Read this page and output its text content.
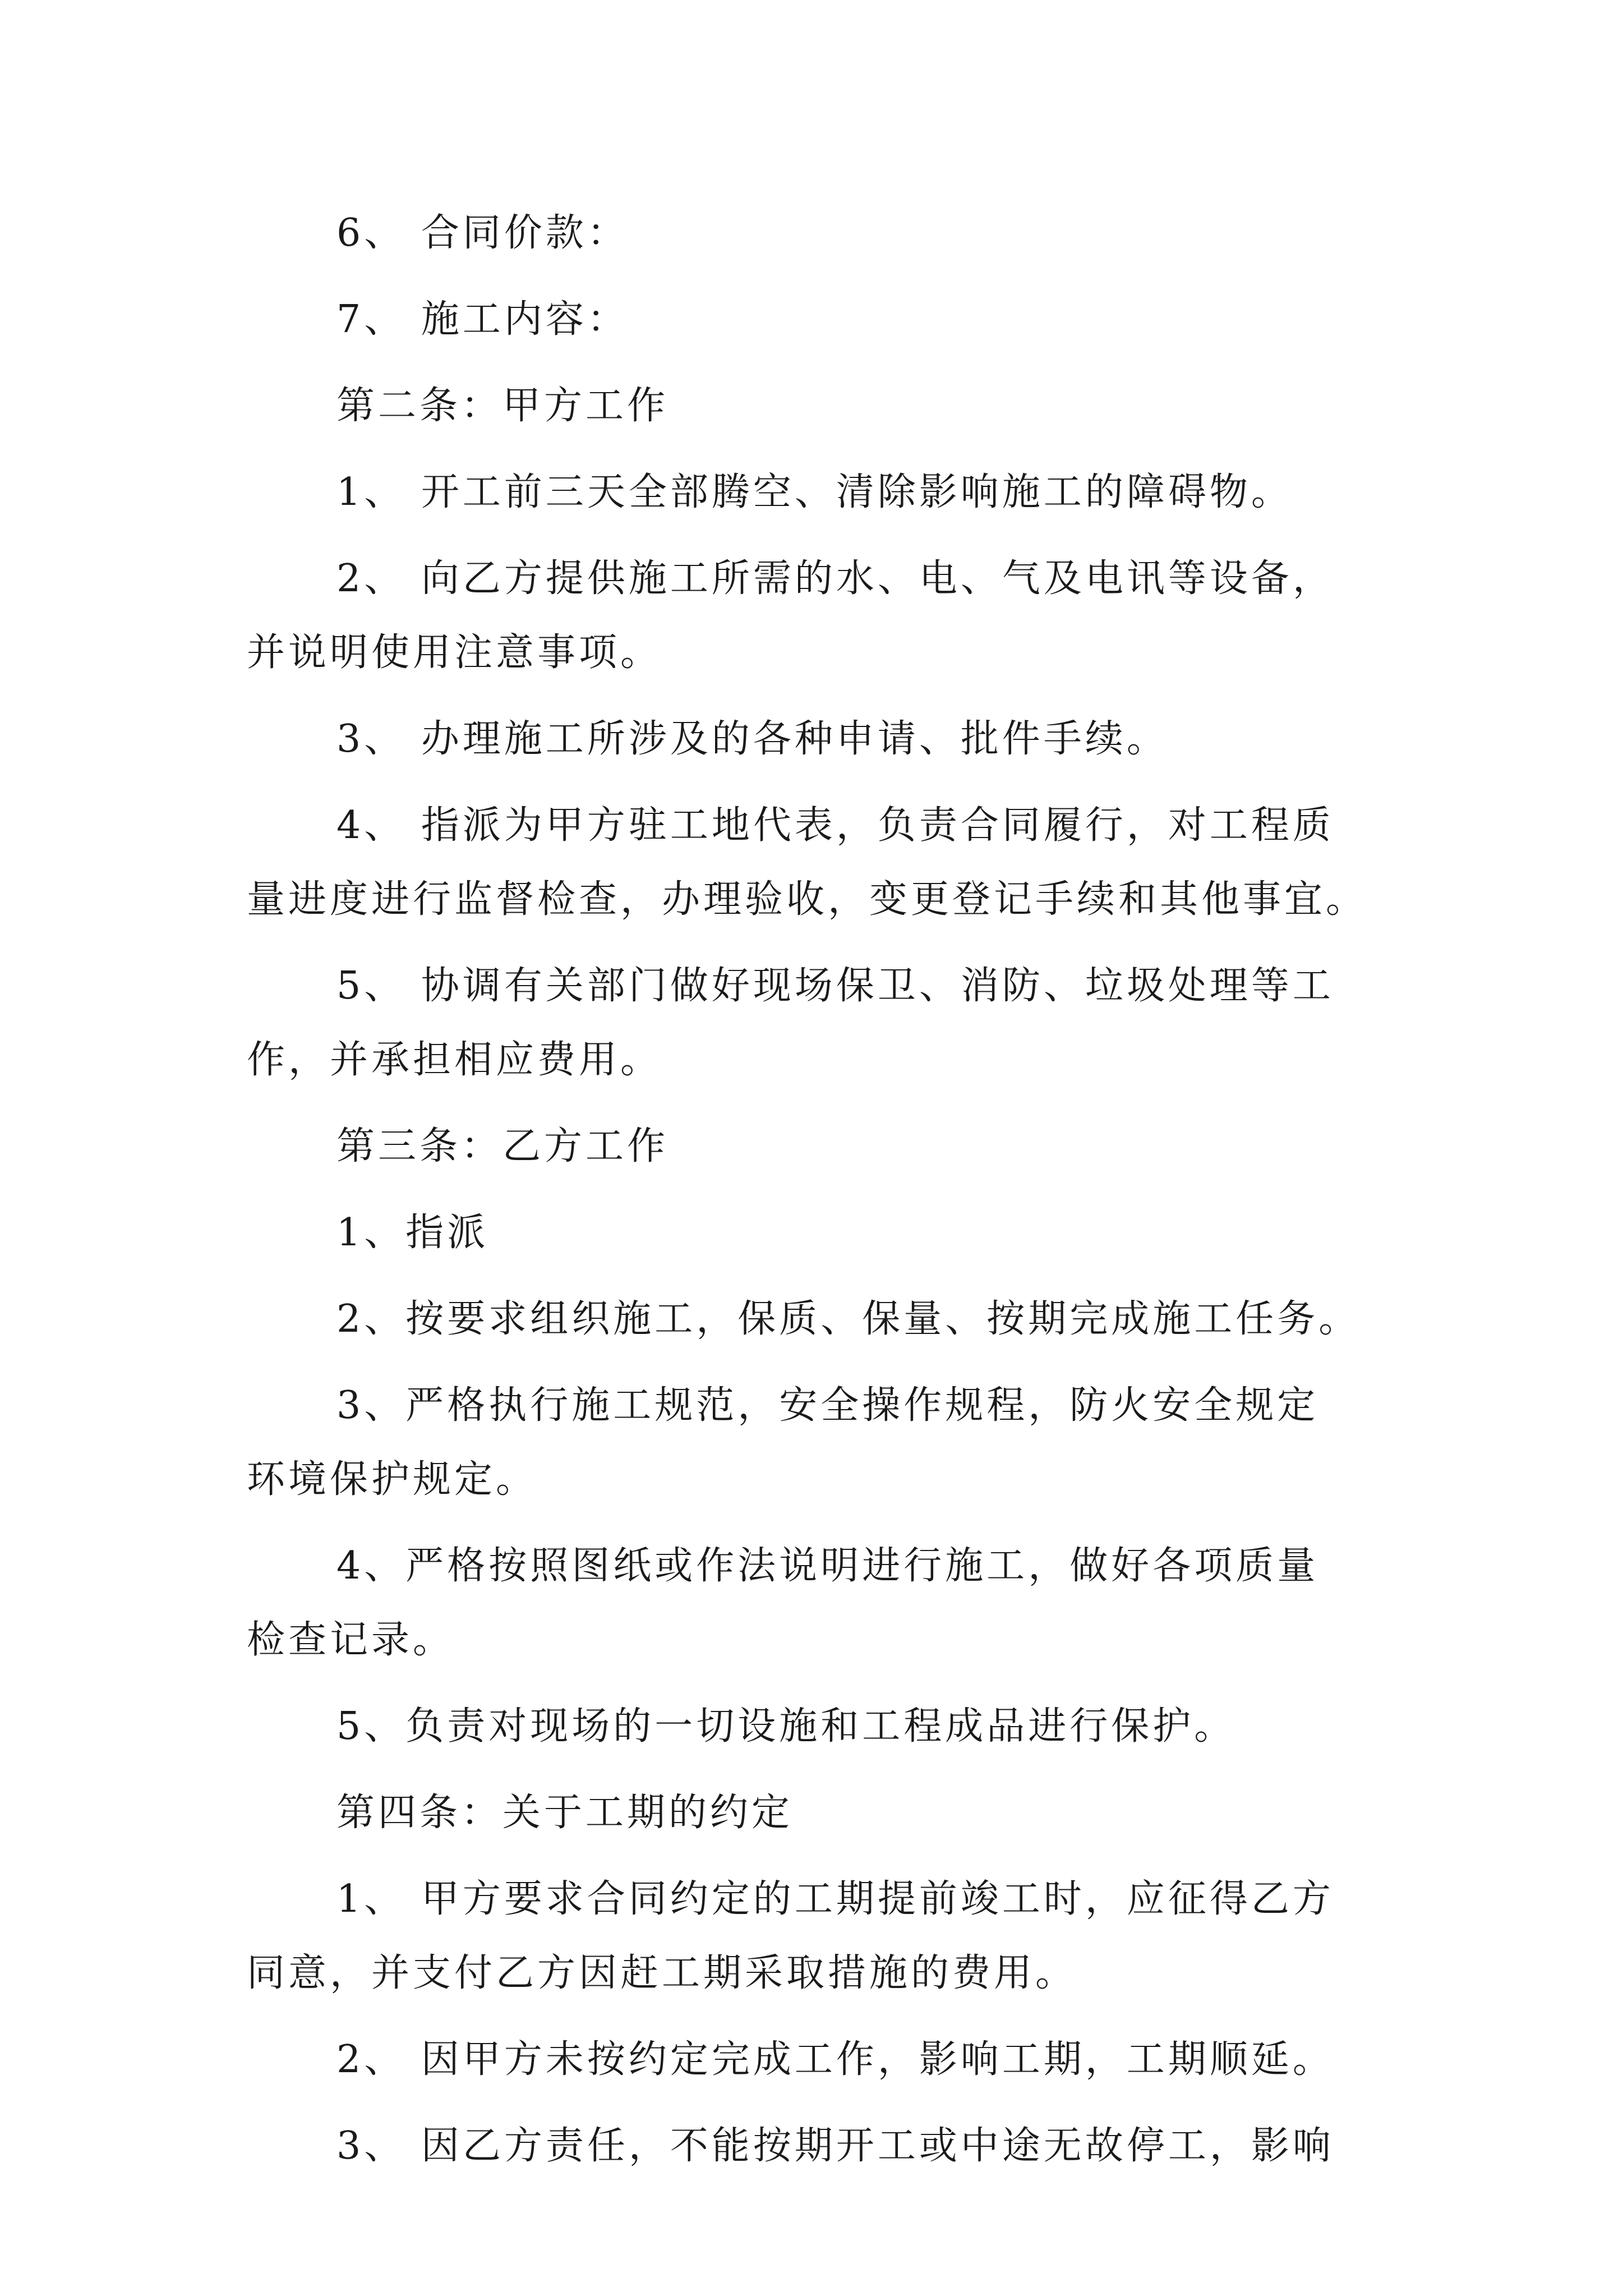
6、 合同价款：
7、 施工内容：
第二条：甲方工作
1、 开工前三天全部腾空、清除影响施工的障碍物。
2、 向乙方提供施工所需的水、电、气及电讯等设备，
并说明使用注意事项。
3、 办理施工所涉及的各种申请、批件手续。
4、 指派为甲方驻工地代表，负责合同履行，对工程质
量进度进行监督检查，办理验收，变更登记手续和其他事宜。
5、 协调有关部门做好现场保卫、消防、垃圾处理等工
作，并承担相应费用。
第三条：乙方工作
1、指派
2、按要求组织施工，保质、保量、按期完成施工任务。
3、严格执行施工规范，安全操作规程，防火安全规定
环境保护规定。
4、严格按照图纸或作法说明进行施工，做好各项质量
检查记录。
5、负责对现场的一切设施和工程成品进行保护。
第四条：关于工期的约定
1、 甲方要求合同约定的工期提前竣工时，应征得乙方
同意，并支付乙方因赶工期采取措施的费用。
2、 因甲方未按约定完成工作，影响工期，工期顺延。
3、 因乙方责任，不能按期开工或中途无故停工，影响
